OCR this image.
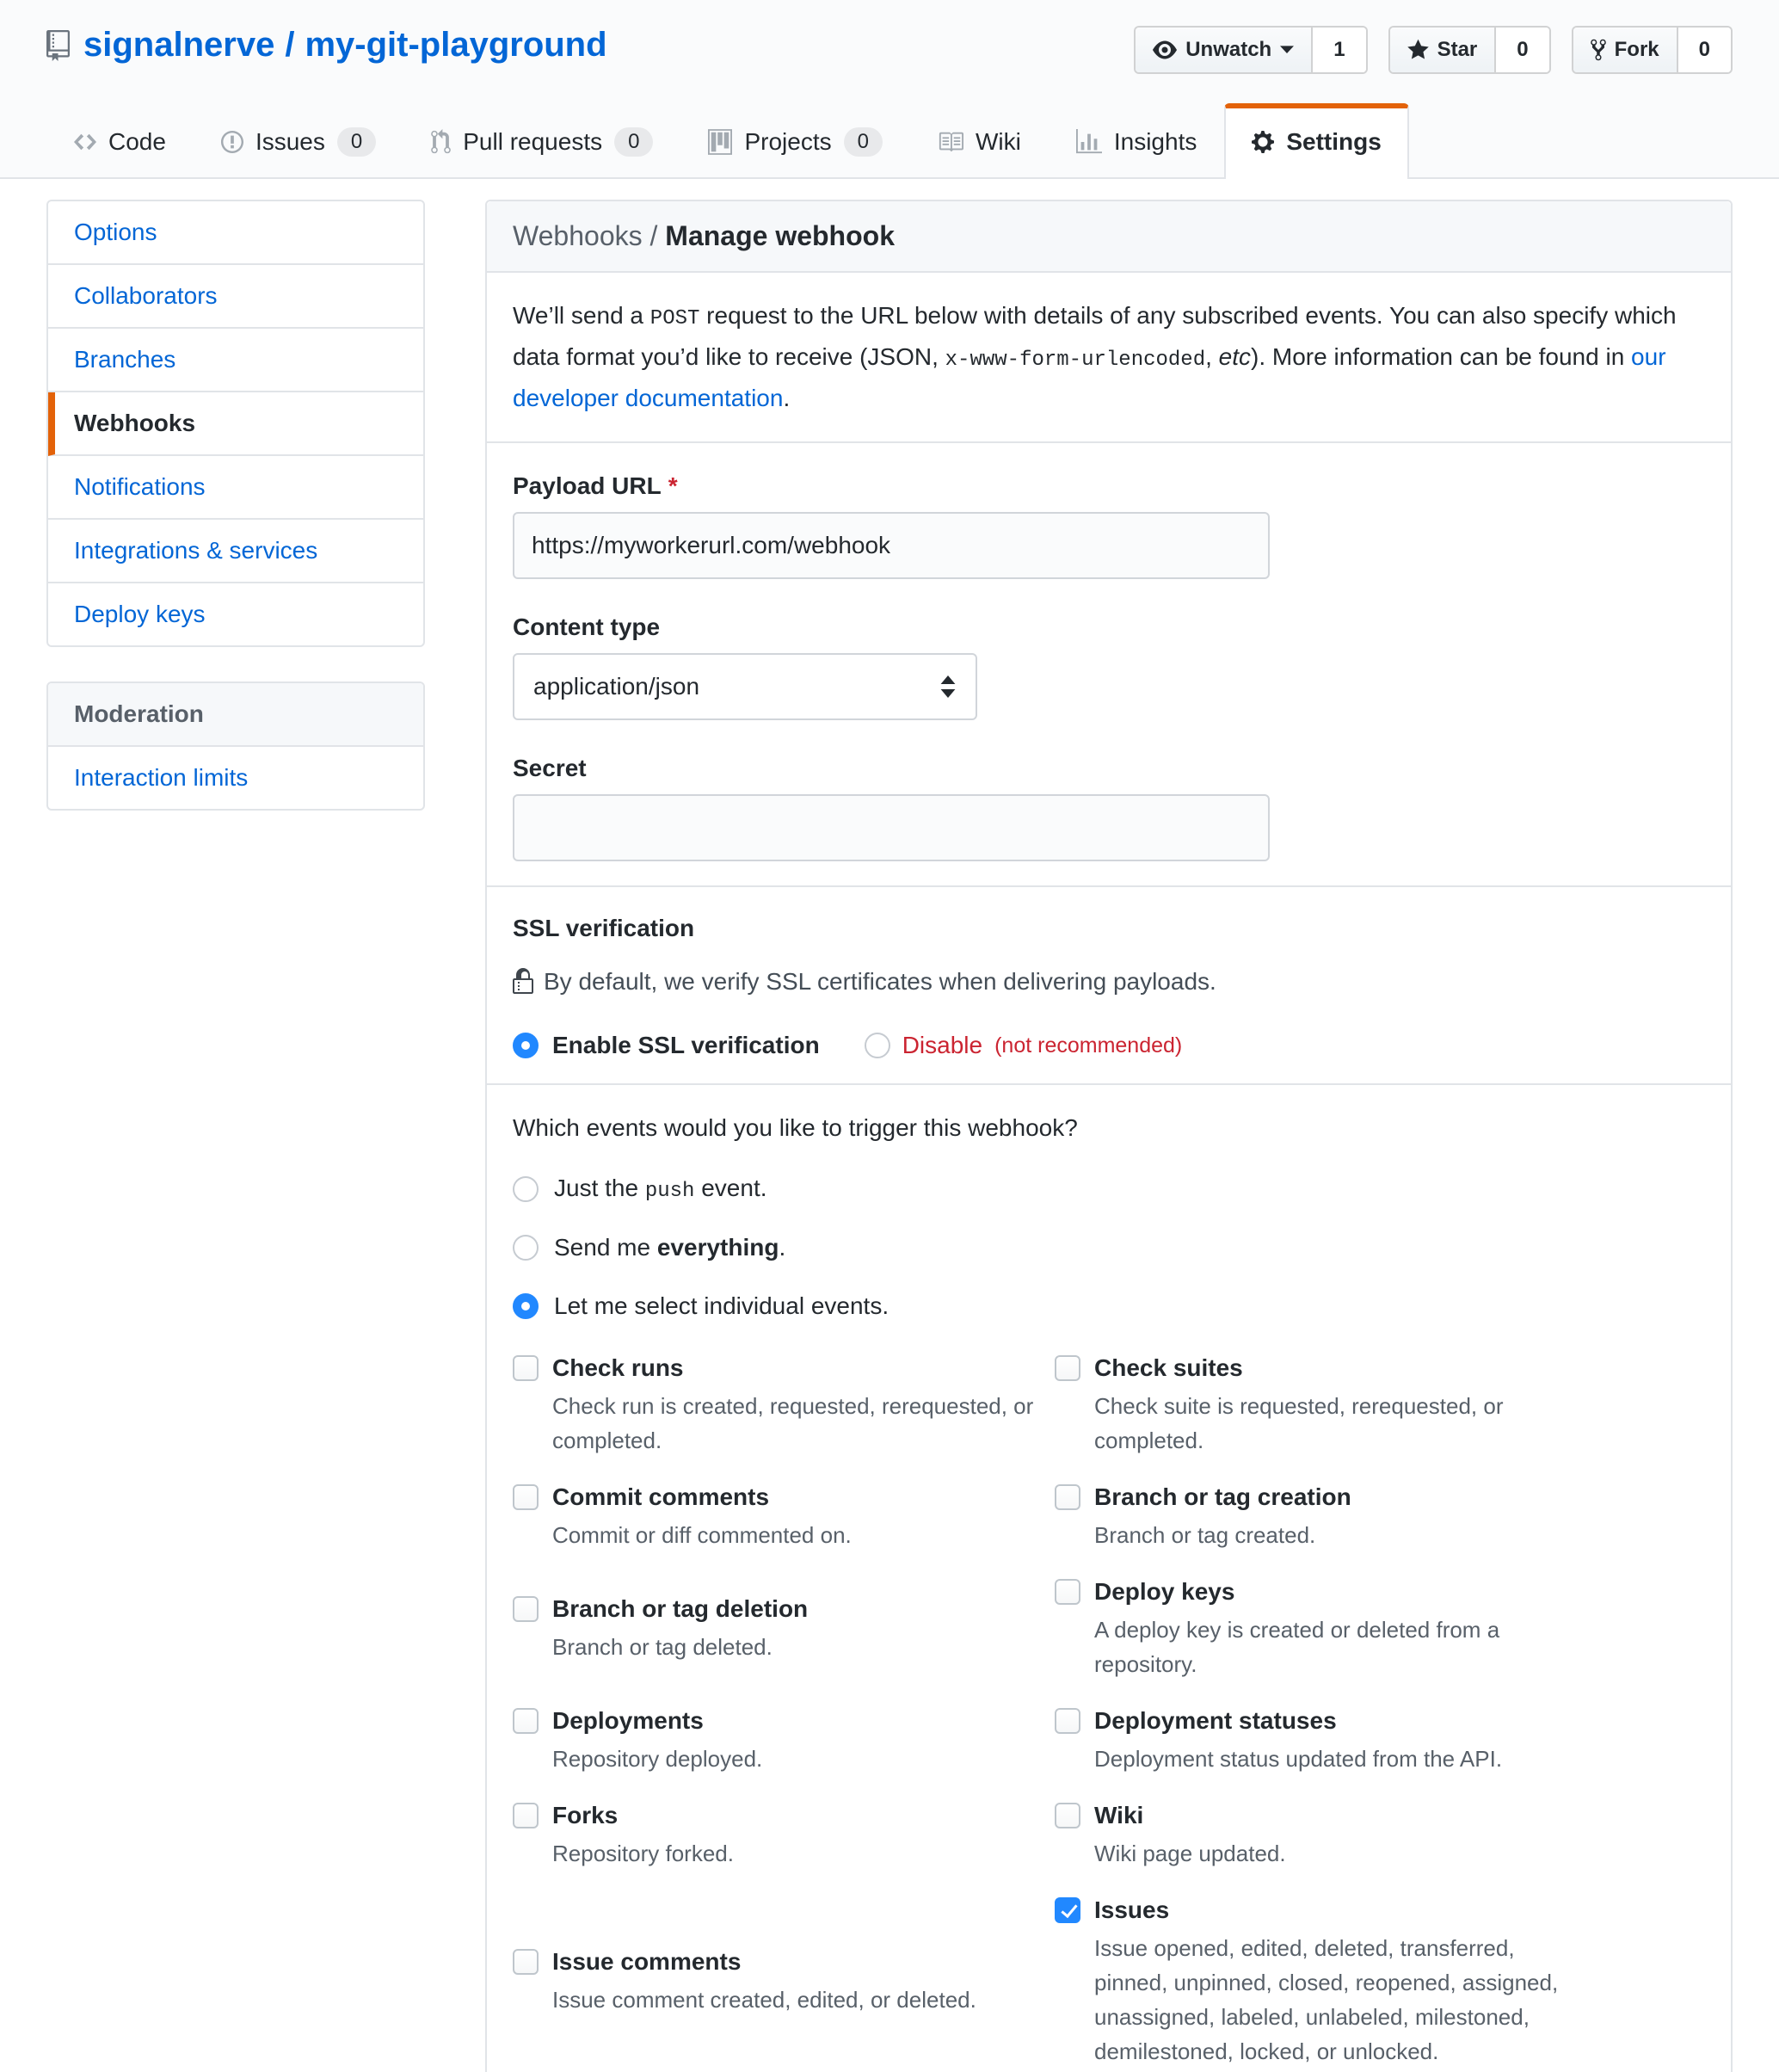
signalnerve / my-git-playground	Unwatch	1	Star	0	Fork	0
Code	Issues	0	Pull requests	0	Projects	0	Wiki	Insights	Settings
Options
Collaborators
Branches
Webhooks
Notifications
Integrations & services
Deploy keys
Moderation
Interaction limits
Webhooks / Manage webhook

We’ll send a POST request to the URL below with details of any subscribed events. You can also specify which data format you’d like to receive (JSON, x-www-form-urlencoded, etc). More information can be found in our developer documentation.

Payload URL *
https://myworkerurl.com/webhook
Content type
application/json
Secret
SSL verification
By default, we verify SSL certificates when delivering payloads.
Enable SSL verification	Disable (not recommended)
Which events would you like to trigger this webhook?
Just the push event.
Send me everything.
Let me select individual events.
Check runs
Check run is created, requested, rerequested, or completed.
Check suites
Check suite is requested, rerequested, or completed.
Commit comments
Commit or diff commented on.
Branch or tag creation
Branch or tag created.
Branch or tag deletion
Branch or tag deleted.
Deploy keys
A deploy key is created or deleted from a repository.
Deployments
Repository deployed.
Deployment statuses
Deployment status updated from the API.
Forks
Repository forked.
Wiki
Wiki page updated.
Issue comments
Issue comment created, edited, or deleted.
Issues
Issue opened, edited, deleted, transferred, pinned, unpinned, closed, reopened, assigned, unassigned, labeled, unlabeled, milestoned, demilestoned, locked, or unlocked.
